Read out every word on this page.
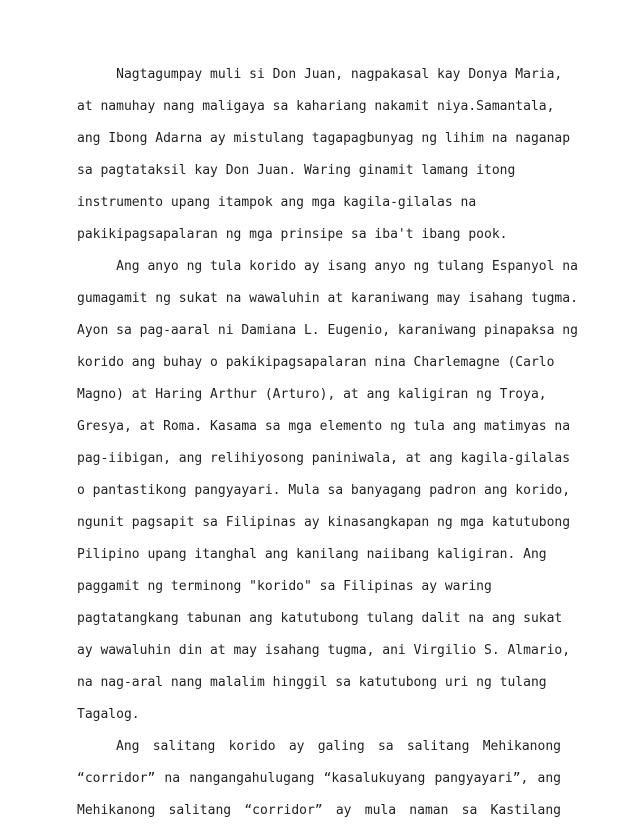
Nagtagumpay muli si Don Juan, nagpakasal kay Donya Maria,
at namuhay nang maligaya sa kahariang nakamit niya.Samantala,
ang Ibong Adarna ay mistulang tagapagbunyag ng lihim na naganap
sa pagtataksil kay Don Juan. Waring ginamit lamang itong
instrumento upang itampok ang mga kagila-gilalas na
pakikipagsapalaran ng mga prinsipe sa iba't ibang pook.
Ang anyo ng tula korido ay isang anyo ng tulang Espanyol na
gumagamit ng sukat na wawaluhin at karaniwang may isahang tugma.
Ayon sa pag-aaral ni Damiana L. Eugenio, karaniwang pinapaksa ng
korido ang buhay o pakikipagsapalaran nina Charlemagne (Carlo
Magno) at Haring Arthur (Arturo), at ang kaligiran ng Troya,
Gresya, at Roma. Kasama sa mga elemento ng tula ang matimyas na
pag-iibigan, ang relihiyosong paniniwala, at ang kagila-gilalas
o pantastikong pangyayari. Mula sa banyagang padron ang korido,
ngunit pagsapit sa Filipinas ay kinasangkapan ng mga katutubong
Pilipino upang itanghal ang kanilang naiibang kaligiran. Ang
paggamit ng terminong "korido" sa Filipinas ay waring
pagtatangkang tabunan ang katutubong tulang dalit na ang sukat
ay wawaluhin din at may isahang tugma, ani Virgilio S. Almario,
na nag-aral nang malalim hinggil sa katutubong uri ng tulang
Tagalog.
Ang salitang korido ay galing sa salitang Mehikanong
“corridor” na nangangahulugang “kasalukuyang pangyayari”, ang
Mehikanong salitang “corridor” ay mula naman sa Kastilang
